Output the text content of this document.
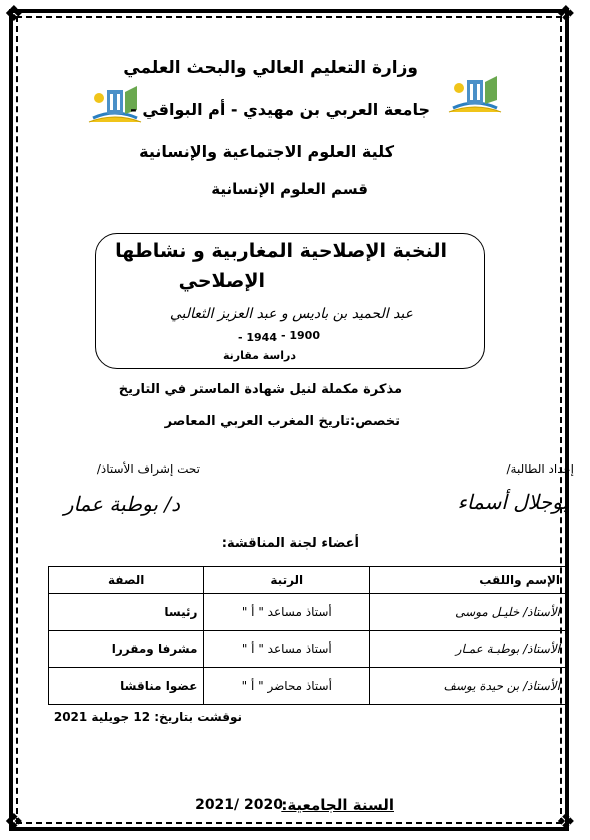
❖	❖
❖	❖
وزارة التعليم العالي والبحث العلمي
جامعة العربي بن مهيدي - أم البواقي -
كلية العلوم الاجتماعية والإنسانية
قسم العلوم الإنسانية
النخبة الإصلاحية المغاربية و نشاطها
الإصلاحي
عبد الحميد بن باديس و عبد العزيز الثعالبي
1900 -
1944 -
دراسة مقارنة
مذكرة مكملة لنيل شهادة الماستر في التاريخ
تخصص:تاريخ المغرب العربي المعاصر
إعداد الطالبة/
بوجلال أسماء
تحت إشراف الأستاذ/
د/ بوطبة عمار
أعضاء لجنة المناقشة:
الإسم واللقب	الرتبة	الصفة
الأستاذ/ خليـل موسى	أستاذ مساعد " أ "	رئيسا
الأستاذ/ بوطبـة عمـار	أستاذ مساعد " أ "	مشرفا ومقررا
الأستاذ/ بن حيدة يوسف	أستاذ محاضر " أ "	عضوا مناقشا
نوقشت بتاريخ: 12 جويلية 2021
السنة الجامعية:
2021/ 2020
